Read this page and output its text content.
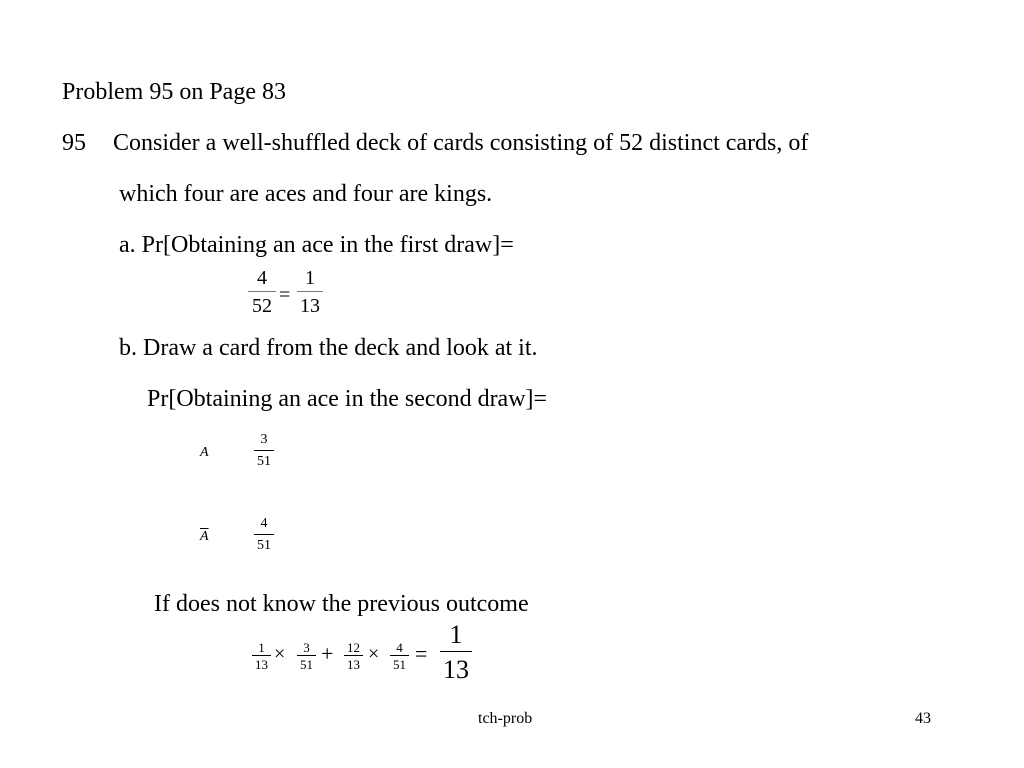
Problem 95 on Page 83
95 Consider a well-shuffled deck of cards consisting of 52 distinct cards, of
which four are aces and four are kings.
a. Pr[Obtaining an ace in the first draw]=
4
52 =
1
13
b. Draw a card from the deck and look at it.
Pr[Obtaining an ace in the second draw]=
A
3
51
$\overline{A}$
4
51
If does not know the previous outcome
1
13 × 3
51 + 12
13 × 4
51 =
1
13
tch-prob	43
